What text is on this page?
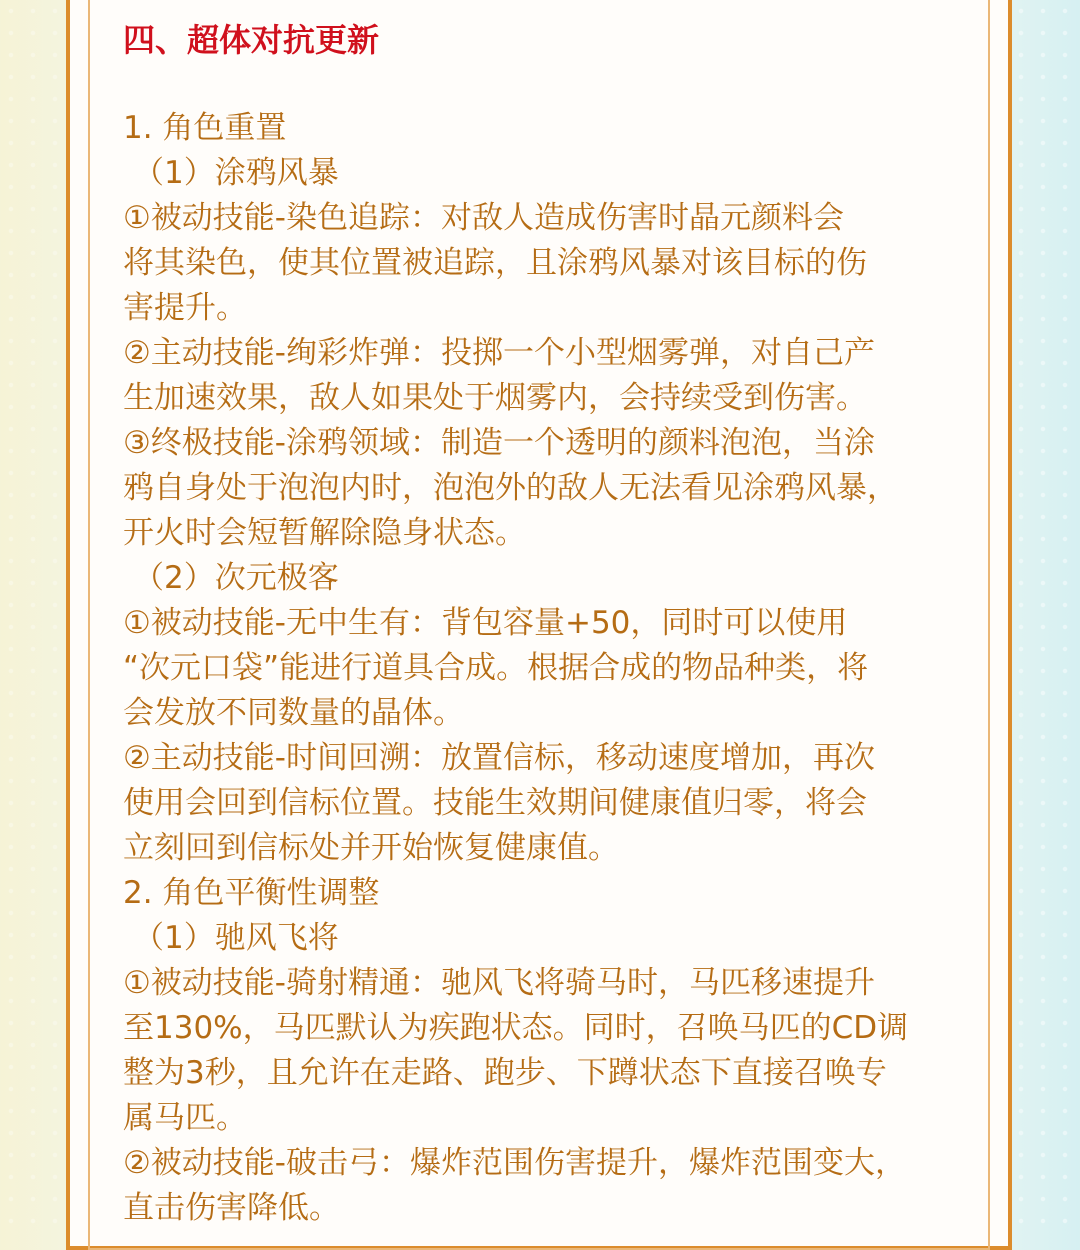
四、超体对抗更新
1. 角色重置
（1）涂鸦风暴
①被动技能-染色追踪：对敌人造成伤害时晶元颜料会
将其染色，使其位置被追踪，且涂鸦风暴对该目标的伤
害提升。
②主动技能-绚彩炸弹：投掷一个小型烟雾弹，对自己产
生加速效果，敌人如果处于烟雾内，会持续受到伤害。
③终极技能-涂鸦领域：制造一个透明的颜料泡泡，当涂
鸦自身处于泡泡内时，泡泡外的敌人无法看见涂鸦风暴，
开火时会短暂解除隐身状态。
（2）次元极客
①被动技能-无中生有：背包容量+50，同时可以使用
“次元口袋”能进行道具合成。根据合成的物品种类，将
会发放不同数量的晶体。
②主动技能-时间回溯：放置信标，移动速度增加，再次
使用会回到信标位置。技能生效期间健康值归零，将会
立刻回到信标处并开始恢复健康值。
2. 角色平衡性调整
（1）驰风飞将
①被动技能-骑射精通：驰风飞将骑马时，马匹移速提升
至130%，马匹默认为疾跑状态。同时，召唤马匹的CD调
整为3秒，且允许在走路、跑步、下蹲状态下直接召唤专
属马匹。
②被动技能-破击弓：爆炸范围伤害提升，爆炸范围变大，
直击伤害降低。
